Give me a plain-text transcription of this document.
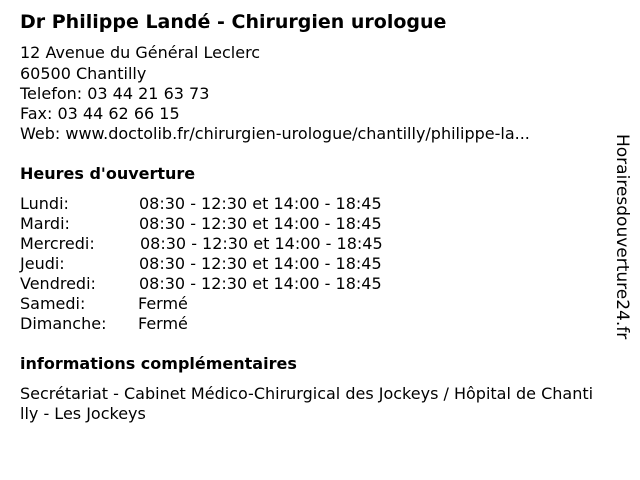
Dr Philippe Landé - Chirurgien urologue
12 Avenue du Général Leclerc
60500 Chantilly
Telefon: 03 44 21 63 73
Fax: 03 44 62 66 15
Web: www.doctolib.fr/chirurgien-urologue/chantilly/philippe-la...
Heures d'ouverture
Lundi:	08:30 - 12:30 et 14:00 - 18:45
Mardi:	08:30 - 12:30 et 14:00 - 18:45
Mercredi:	08:30 - 12:30 et 14:00 - 18:45
Jeudi:	08:30 - 12:30 et 14:00 - 18:45
Vendredi:	08:30 - 12:30 et 14:00 - 18:45
Samedi:	Fermé
Dimanche: Fermé
informations complémentaires
Secrétariat - Cabinet Médico-Chirurgical des Jockeys / Hôpital de Chantilly - Les Jockeys
Horairesdouverture24.fr
